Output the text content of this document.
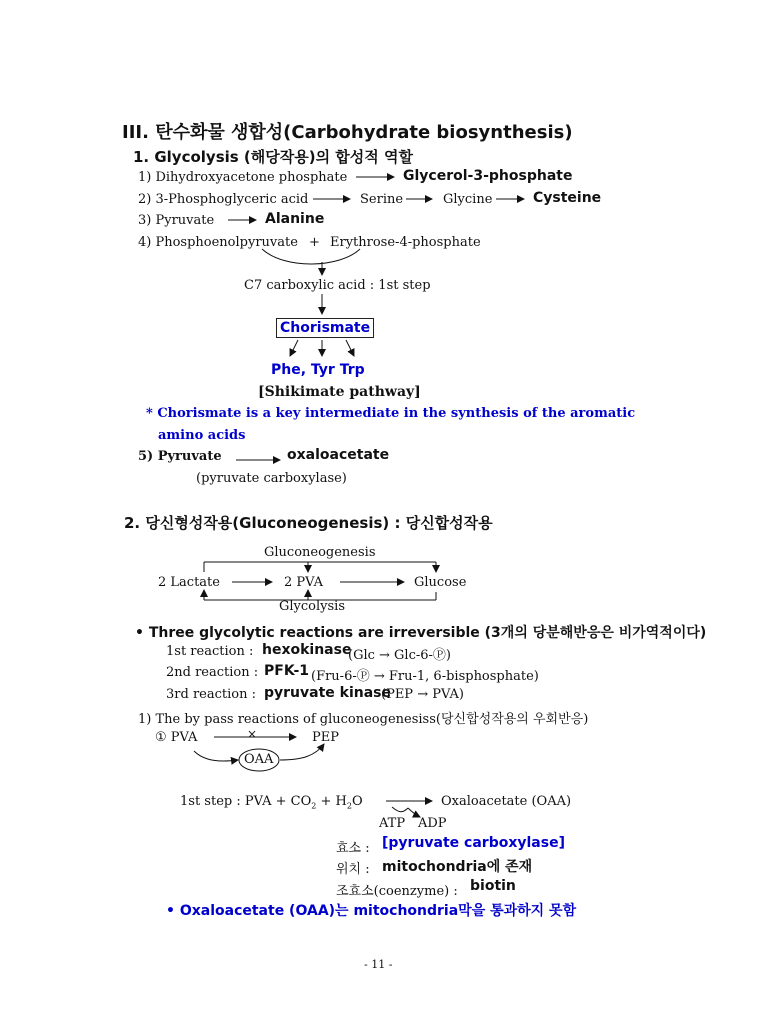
III. 탄수화물 생합성(Carbohydrate biosynthesis)
1. Glycolysis (해당작용)의 합성적 역할
1) Dihydroxyacetone phosphate	Glycerol-3-phosphate
2) 3-Phosphoglyceric acid	Serine	Glycine	Cysteine
3) Pyruvate	Alanine
4) Phosphoenolpyruvate + Erythrose-4-phosphate
C7 carboxylic acid : 1st step
Chorismate
Phe, Tyr Trp
[Shikimate pathway]
* Chorismate is a key intermediate in the synthesis of the aromatic
amino acids
5) Pyruvate	oxaloacetate
(pyruvate carboxylase)
2. 당신형성작용(Gluconeogenesis) : 당신합성작용
Gluconeogenesis
2 Lactate	2 PVA	Glucose
Glycolysis
• Three glycolytic reactions are irreversible (3개의 당분해반응은 비가역적이다)
1st reaction : hexokinase
(Glc → Glc-6-Ⓟ)
2nd reaction : PFK-1 (Fru-6-Ⓟ → Fru-1, 6-bisphosphate)
3rd reaction : pyruvate kinase
(PEP → PVA)
1) The by pass reactions of gluconeogenesiss(당신합성작용의 우회반응)
① PVA	×	PEP
OAA
1st step : PVA + $CO_2 + H_2O$	Oxaloacetate (OAA)
ATP ADP
효소 : [pyruvate carboxylase]
위치 : mitochondria에 존재
조효소(coenzyme) : biotin
• Oxaloacetate (OAA)는 mitochondria막을 통과하지 못함
- 11 -
